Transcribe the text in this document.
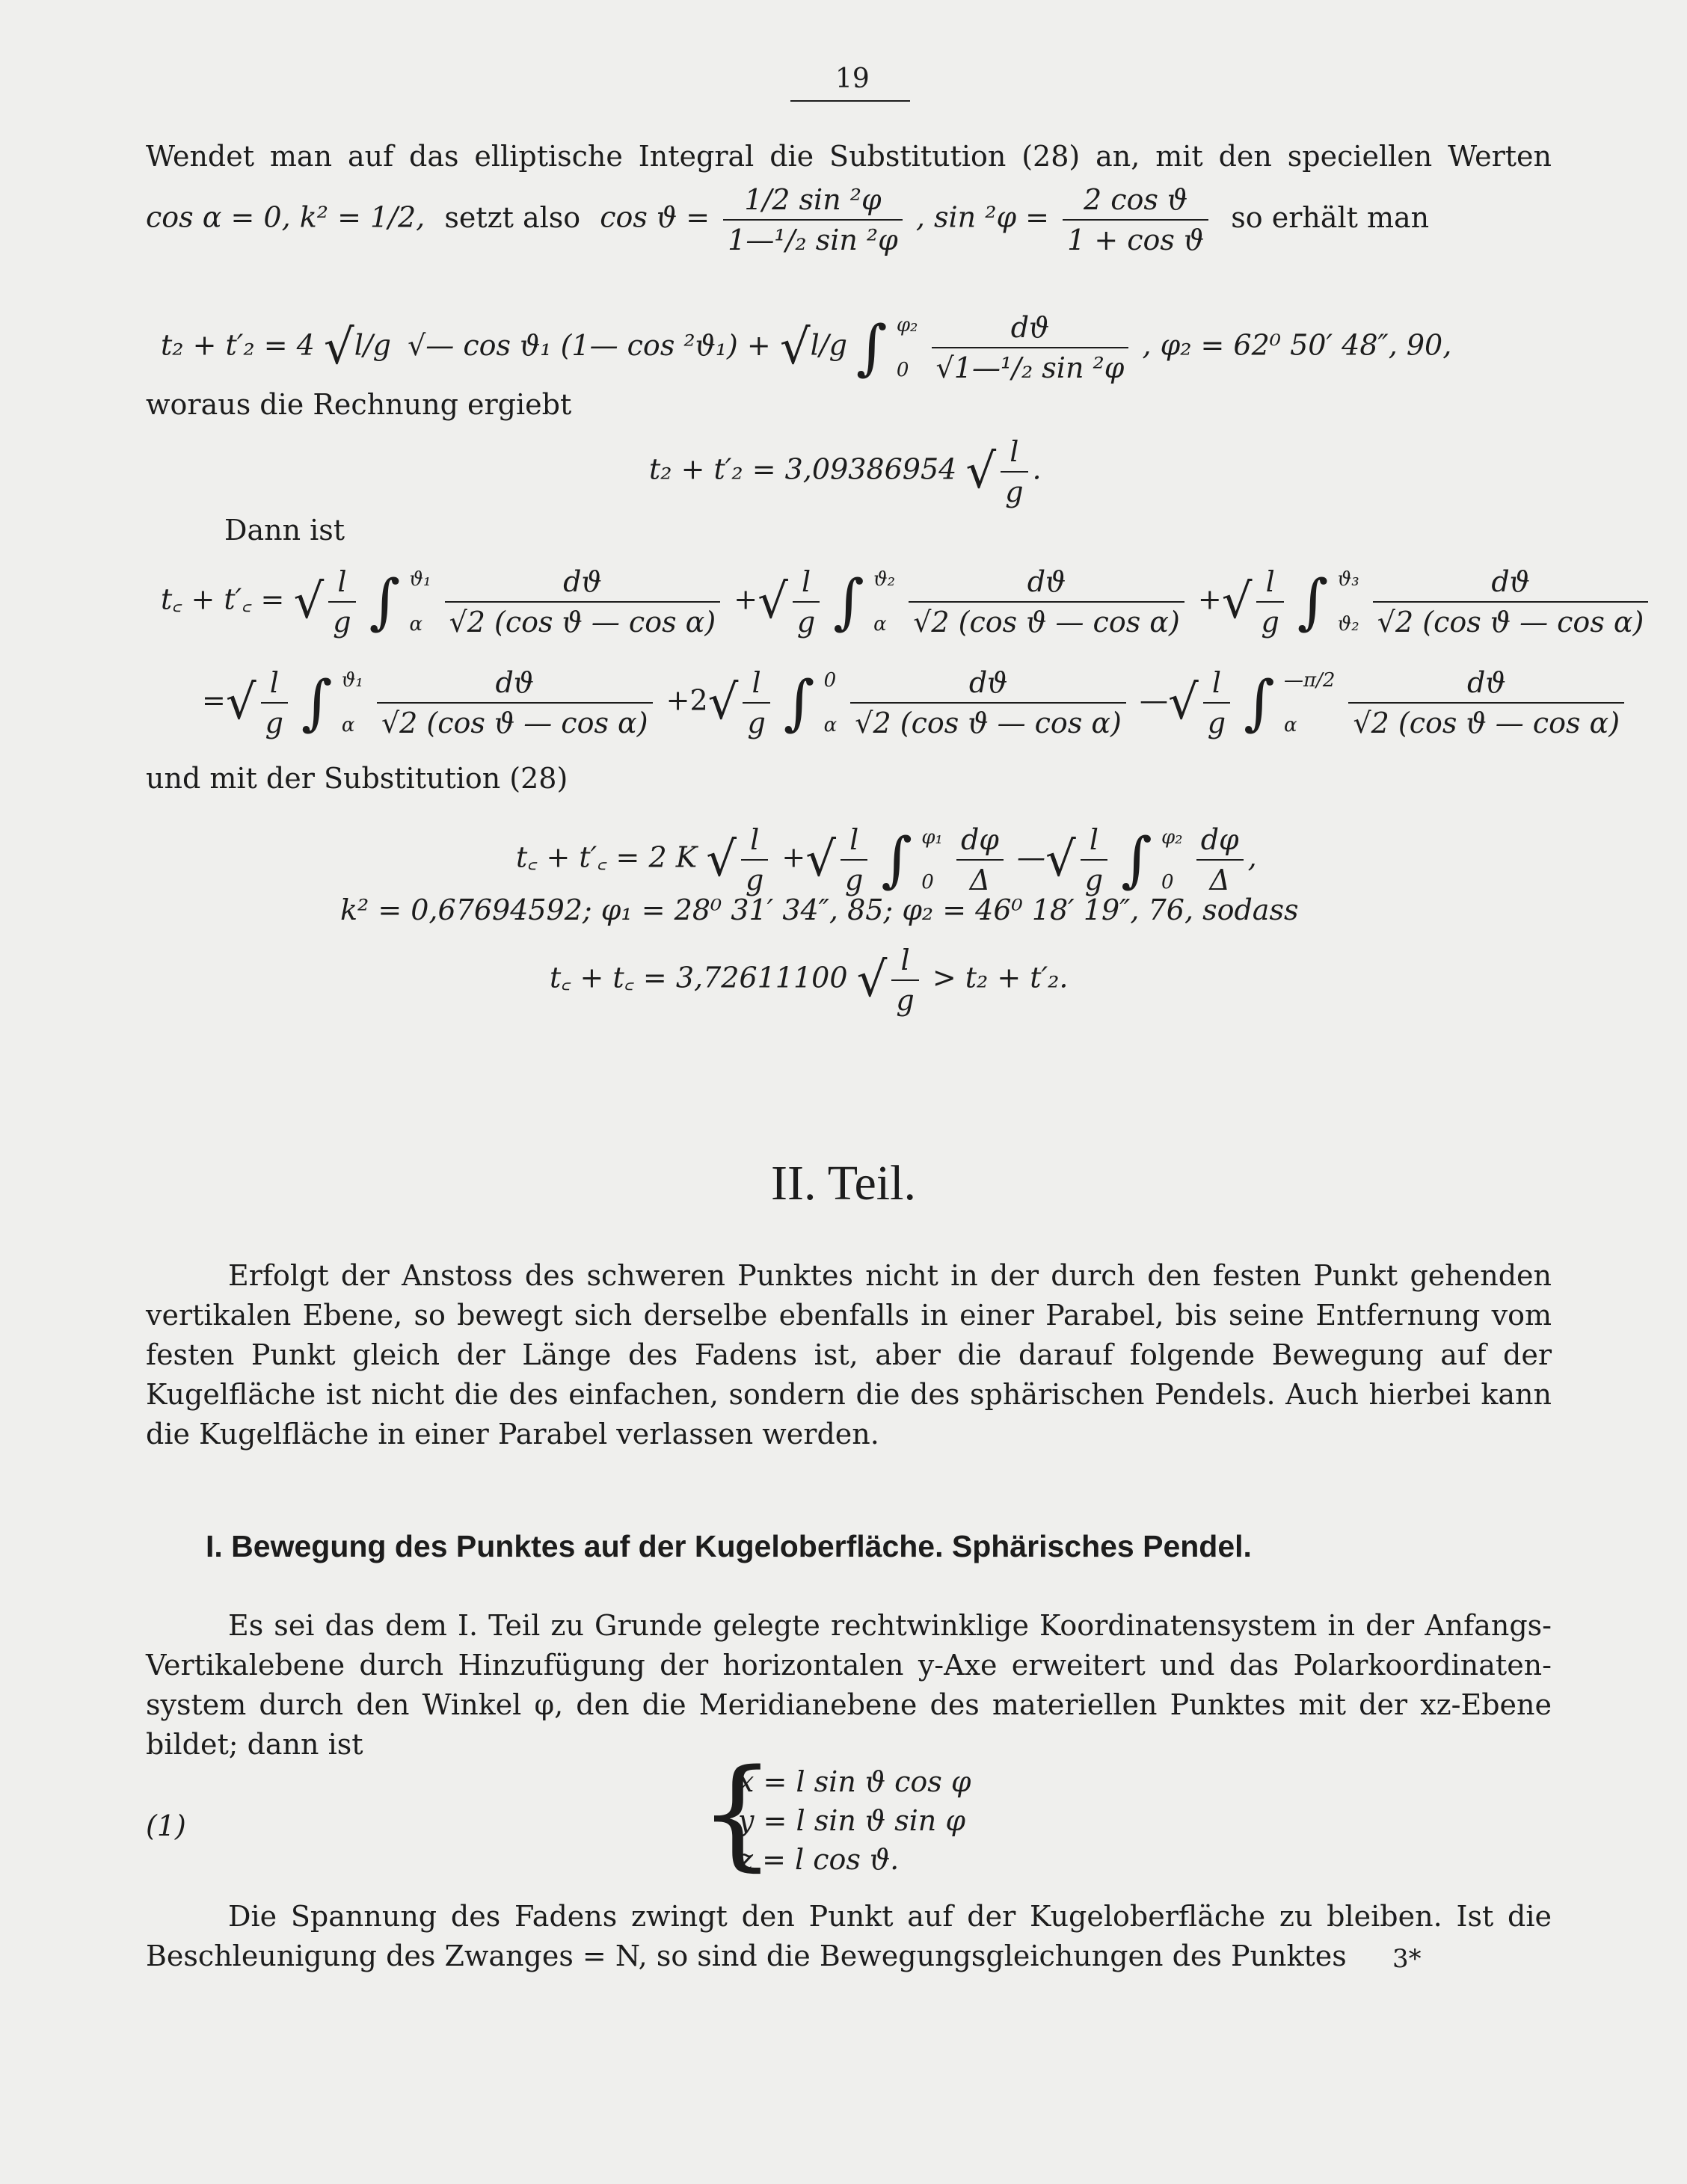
19
Wendet man auf das elliptische Integral die Substitution (28) an, mit den speciellen Werten
cos α = 0, k² = 1/2, setzt also $\cos ϑ = \frac{\text{1/2 sin ²φ}}{\text{1—¹/₂ sin ²φ}}$ , $\sin ^2\varphi = \frac{\text{2 cos ϑ}}{\text{1 + cos ϑ}}$ so erhält man
t₂ + t′₂ = 4 √l/g √— cos ϑ₁ (1— cos ²ϑ₁) + √l/g ∫ φ₂
0
$\frac{dϑ}{\text{√1—¹/₂ sin ²φ}}$ , φ₂ = 62⁰ 50′ 48″, 90,
woraus die Rechnung ergiebt
t₂ + t′₂ = 3,09386954 √ $\frac{l}{g}$ .
Dann ist
t꜀ + t′꜀ = √ $\frac{l}{g}$ ∫ ϑ₁
α
$\frac{dϑ}{\text{√2 (cos ϑ — cos α)}}$ +√ $\frac{l}{g}$ ∫ ϑ₂
α
$\frac{dϑ}{\text{√2 (cos ϑ — cos α)}}$ +√ $\frac{l}{g}$ ∫ ϑ₃
ϑ₂
$\frac{dϑ}{\text{√2 (cos ϑ — cos α)}}$
=√ $\frac{l}{g}$ ∫ ϑ₁
α
$\frac{dϑ}{\text{√2 (cos ϑ — cos α)}} +2√ \frac{l}{g}$ ∫ 0
α
$\frac{dϑ}{\text{√2 (cos ϑ — cos α)}}$ —√ $\frac{l}{g}$ ∫ —π/2
α
	$\frac{dϑ}{\text{√2 (cos ϑ — cos α)}}$
und mit der Substitution (28)
t꜀ + t′꜀ = 2 K √ $\frac{l}{g}$ +√ $\frac{l}{g}$ ∫ φ₁
0
$\frac{d\varphi}{\Delta}$ —√ $\frac{l}{g}$ ∫ φ₂
0
$\frac{d\varphi}{\Delta}$ ,
k² = 0,67694592; φ₁ = 28⁰ 31′ 34″, 85; φ₂ = 46⁰ 18′ 19″, 76, sodass
t꜀ + t꜀ = 3,72611100 √ $\frac{l}{g} > t_2 + t'_2$.
II. Teil.
Erfolgt der Anstoss des schweren Punktes nicht in der durch den festen Punkt gehenden
vertikalen Ebene, so bewegt sich derselbe ebenfalls in einer Parabel, bis seine Entfernung vom
festen Punkt gleich der Länge des Fadens ist, aber die darauf folgende Bewegung auf der
Kugelfläche ist nicht die des einfachen, sondern die des sphärischen Pendels. Auch hierbei kann
die Kugelfläche in einer Parabel verlassen werden.
I. Bewegung des Punktes auf der Kugeloberfläche. Sphärisches Pendel.
Es sei das dem I. Teil zu Grunde gelegte rechtwinklige Koordinatensystem in der Anfangs-
Vertikalebene durch Hinzufügung der horizontalen y-Axe erweitert und das Polarkoordinaten-
system durch den Winkel φ, den die Meridianebene des materiellen Punktes mit der xz-Ebene
bildet; dann ist
(1)	{
x = l sin ϑ cos φ
y = l sin ϑ sin φ
z = l cos ϑ.
Die Spannung des Fadens zwingt den Punkt auf der Kugeloberfläche zu bleiben. Ist die
Beschleunigung des Zwanges = N, so sind die Bewegungsgleichungen des Punktes	3*
